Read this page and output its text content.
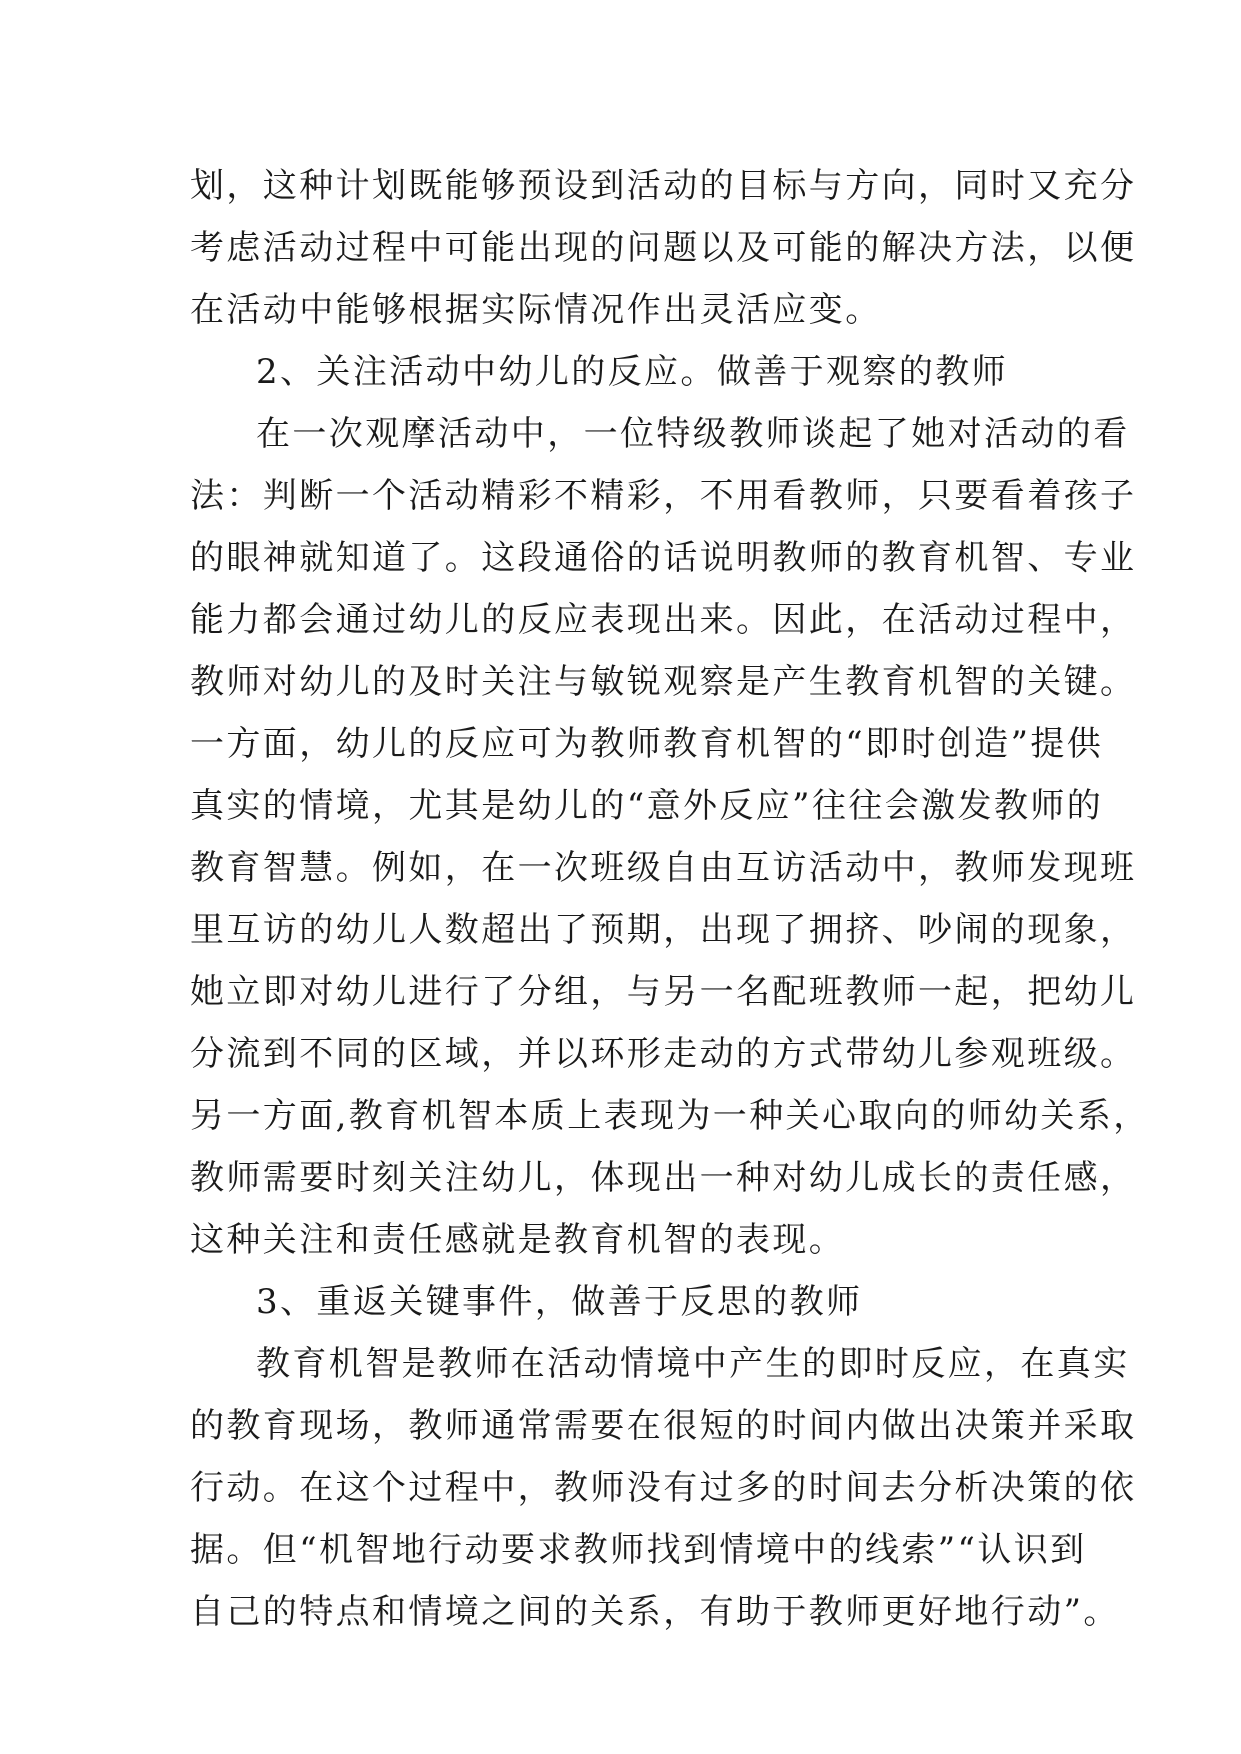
划，这种计划既能够预设到活动的目标与方向，同时又充分
考虑活动过程中可能出现的问题以及可能的解决方法，以便
在活动中能够根据实际情况作出灵活应变。
2、关注活动中幼儿的反应。做善于观察的教师
在一次观摩活动中，一位特级教师谈起了她对活动的看
法：判断一个活动精彩不精彩，不用看教师，只要看着孩子
的眼神就知道了。这段通俗的话说明教师的教育机智、专业
能力都会通过幼儿的反应表现出来。因此，在活动过程中，
教师对幼儿的及时关注与敏锐观察是产生教育机智的关键。
一方面，幼儿的反应可为教师教育机智的“即时创造”提供
真实的情境，尤其是幼儿的“意外反应”往往会激发教师的
教育智慧。例如，在一次班级自由互访活动中，教师发现班
里互访的幼儿人数超出了预期，出现了拥挤、吵闹的现象，
她立即对幼儿进行了分组，与另一名配班教师一起，把幼儿
分流到不同的区域，并以环形走动的方式带幼儿参观班级。
另一方面,教育机智本质上表现为一种关心取向的师幼关系，
教师需要时刻关注幼儿，体现出一种对幼儿成长的责任感，
这种关注和责任感就是教育机智的表现。
3、重返关键事件，做善于反思的教师
教育机智是教师在活动情境中产生的即时反应，在真实
的教育现场，教师通常需要在很短的时间内做出决策并采取
行动。在这个过程中，教师没有过多的时间去分析决策的依
据。但“机智地行动要求教师找到情境中的线索”“认识到
自己的特点和情境之间的关系，有助于教师更好地行动”。
